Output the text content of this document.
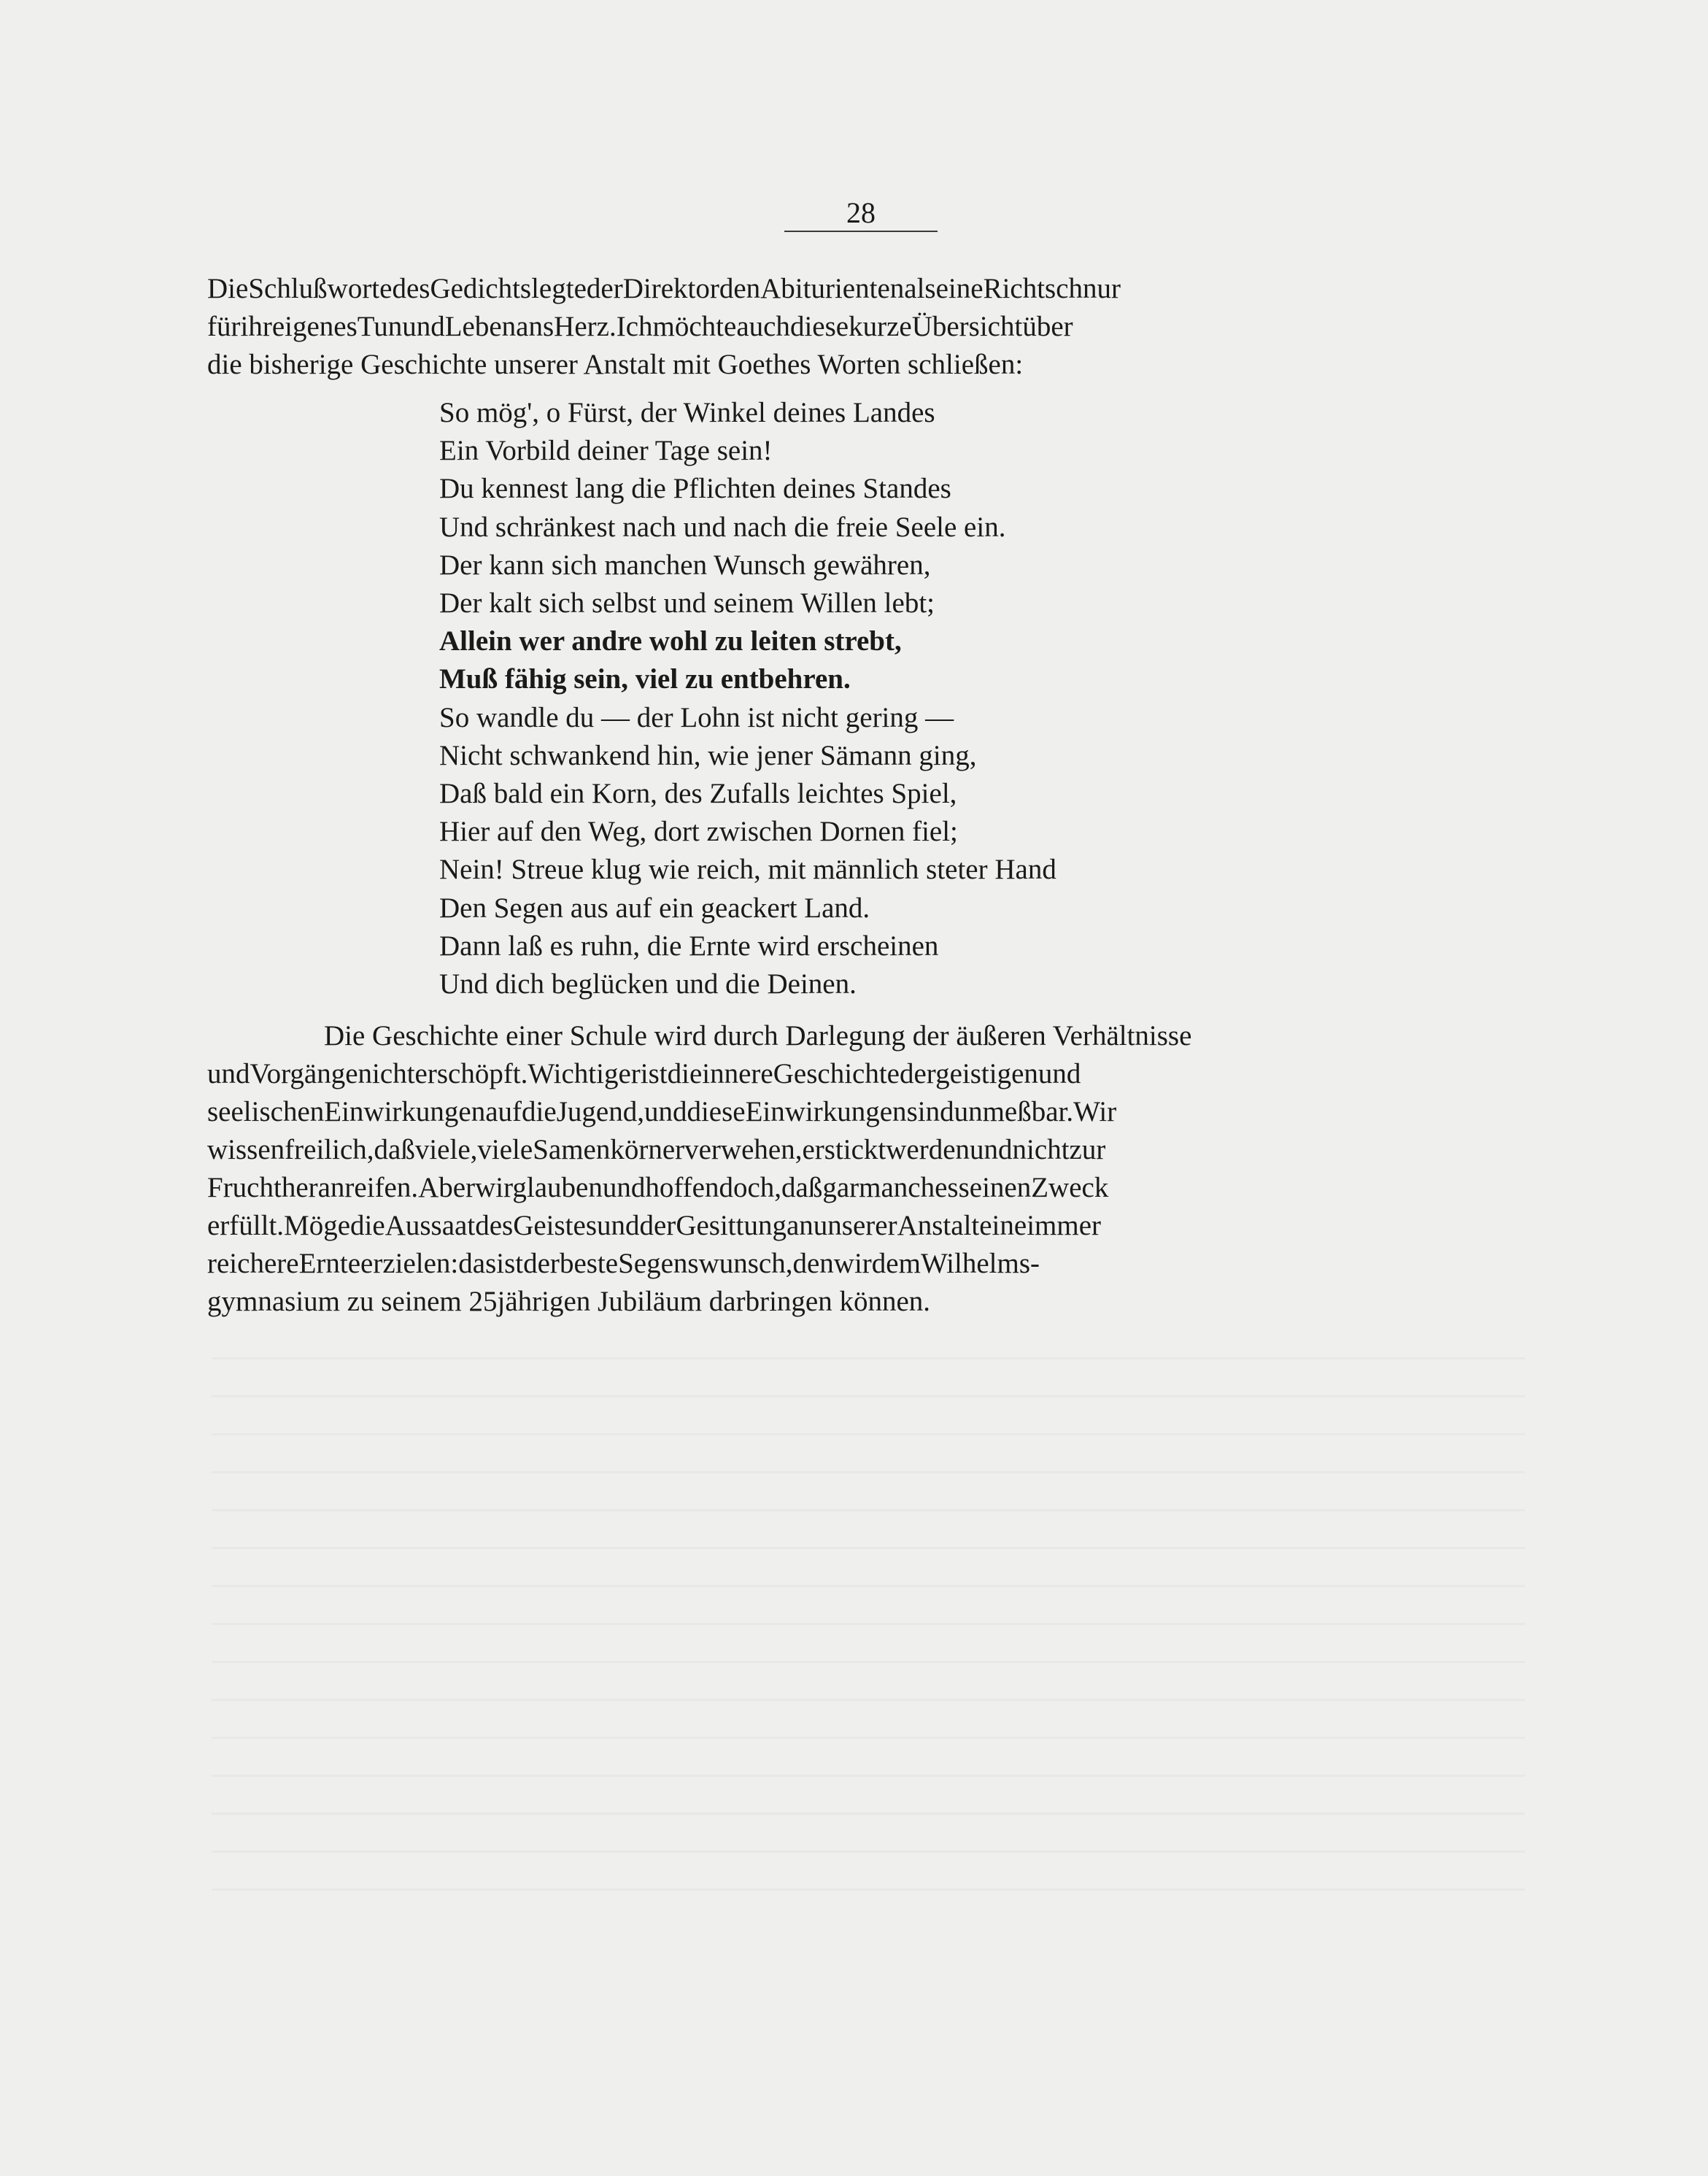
28
DieSchlußwortedesGedichtslegtederDirektordenAbiturientenalseineRichtschnur
fürihreigenesTunundLebenansHerz.IchmöchteauchdiesekurzeÜbersichtüber
die bisherige Geschichte unserer Anstalt mit Goethes Worten schließen:
So mög', o Fürst, der Winkel deines Landes
Ein Vorbild deiner Tage sein!
Du kennest lang die Pflichten deines Standes
Und schränkest nach und nach die freie Seele ein.
Der kann sich manchen Wunsch gewähren,
Der kalt sich selbst und seinem Willen lebt;
Allein wer andre wohl zu leiten strebt,
Muß fähig sein, viel zu entbehren.
So wandle du — der Lohn ist nicht gering —
Nicht schwankend hin, wie jener Sämann ging,
Daß bald ein Korn, des Zufalls leichtes Spiel,
Hier auf den Weg, dort zwischen Dornen fiel;
Nein! Streue klug wie reich, mit männlich steter Hand
Den Segen aus auf ein geackert Land.
Dann laß es ruhn, die Ernte wird erscheinen
Und dich beglücken und die Deinen.
Die Geschichte einer Schule wird durch Darlegung der äußeren Verhältnisse
undVorgängenichterschöpft.WichtigeristdieinnereGeschichtedergeistigenund
seelischenEinwirkungenaufdieJugend,unddieseEinwirkungensindunmeßbar.Wir
wissenfreilich,daßviele,vieleSamenkörnerverwehen,ersticktwerdenundnichtzur
Fruchtheranreifen.Aberwirglaubenundhoffendoch,daßgarmanchesseinenZweck
erfüllt.MögedieAussaatdesGeistesundderGesittunganunsererAnstalteineimmer
reichereErnteerzielen:dasistderbesteSegenswunsch,denwirdemWilhelms-
gymnasium zu seinem 25jährigen Jubiläum darbringen können.
